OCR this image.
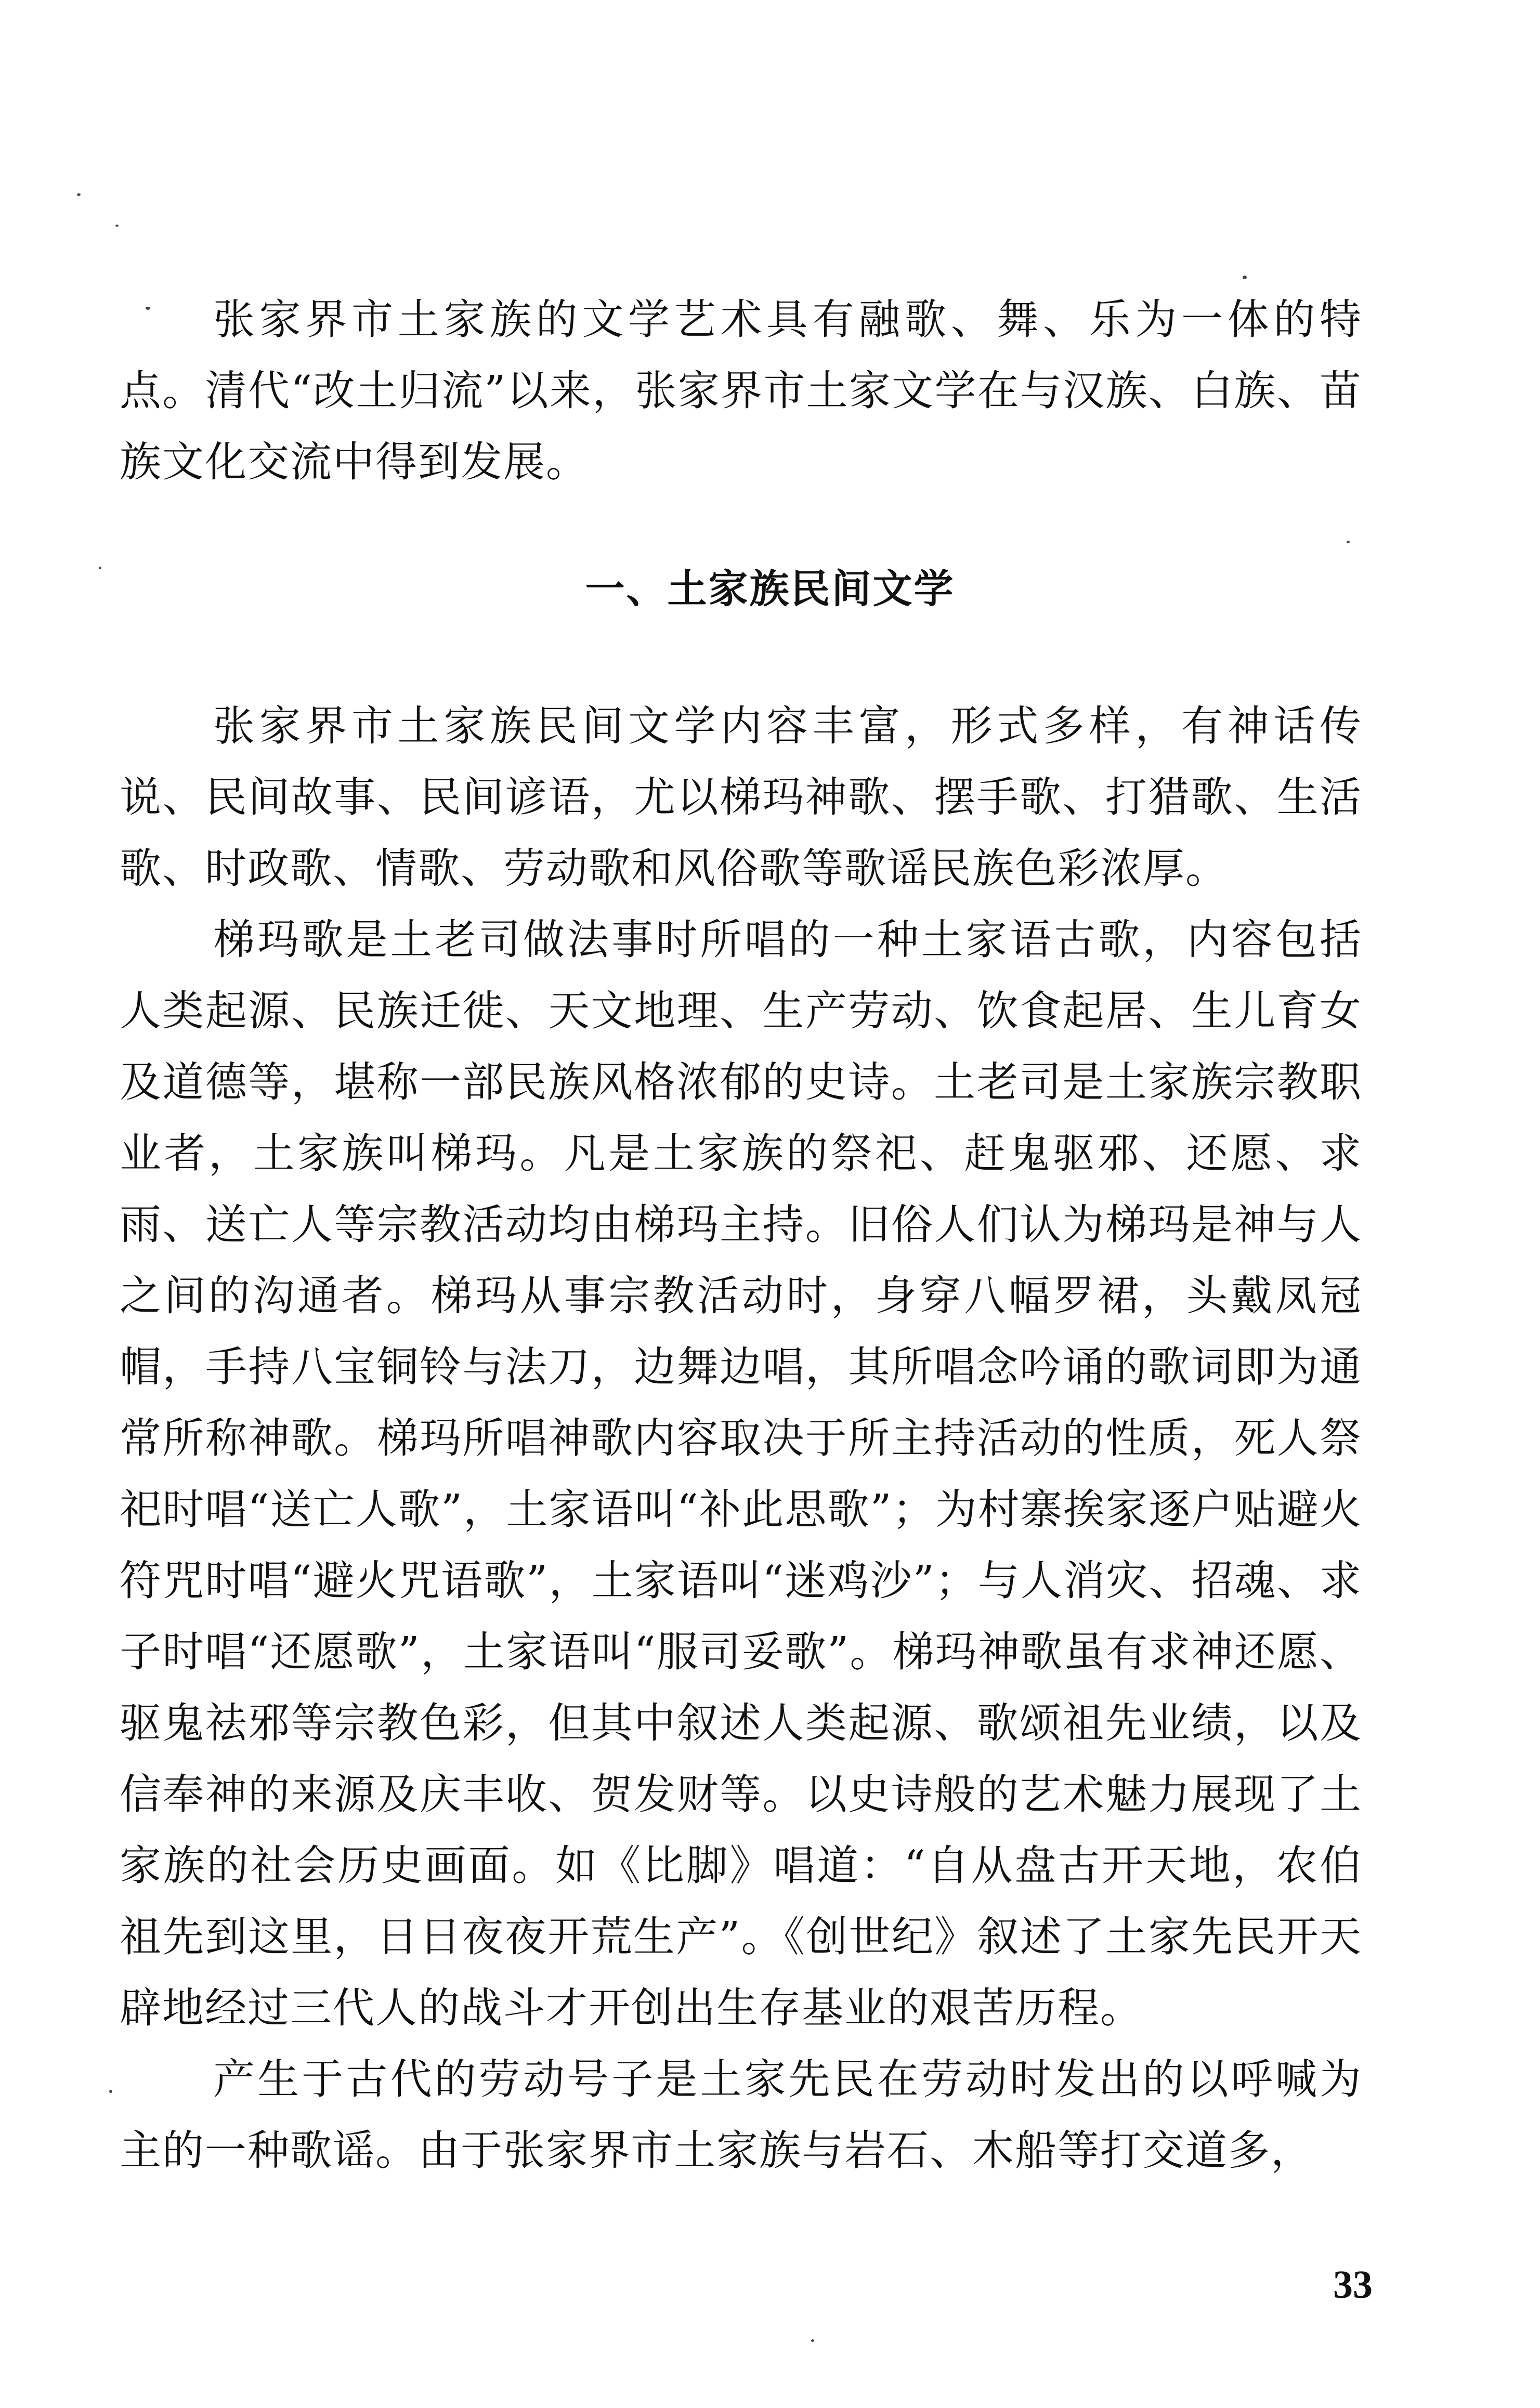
张家界市土家族的文学艺术具有融歌、舞、乐为一体的特点。清代“改土归流”以来，张家界市土家文学在与汉族、白族、苗族文化交流中得到发展。

一、土家族民间文学

张家界市土家族民间文学内容丰富，形式多样，有神话传说、民间故事、民间谚语，尤以梯玛神歌、摆手歌、打猎歌、生活歌、时政歌、情歌、劳动歌和风俗歌等歌谣民族色彩浓厚。

梯玛歌是土老司做法事时所唱的一种土家语古歌，内容包括人类起源、民族迁徙、天文地理、生产劳动、饮食起居、生儿育女及道德等，堪称一部民族风格浓郁的史诗。土老司是土家族宗教职业者，土家族叫梯玛。凡是土家族的祭祀、赶鬼驱邪、还愿、求雨、送亡人等宗教活动均由梯玛主持。旧俗人们认为梯玛是神与人之间的沟通者。梯玛从事宗教活动时，身穿八幅罗裙，头戴凤冠帽，手持八宝铜铃与法刀，边舞边唱，其所唱念吟诵的歌词即为通常所称神歌。梯玛所唱神歌内容取决于所主持活动的性质，死人祭祀时唱“送亡人歌”，土家语叫“补此思歌”；为村寨挨家逐户贴避火符咒时唱“避火咒语歌”，土家语叫“迷鸡沙”；与人消灾、招魂、求子时唱“还愿歌”，土家语叫“服司妥歌”。梯玛神歌虽有求神还愿、驱鬼祛邪等宗教色彩，但其中叙述人类起源、歌颂祖先业绩，以及信奉神的来源及庆丰收、贺发财等。以史诗般的艺术魅力展现了土家族的社会历史画面。如《比脚》唱道：“自从盘古开天地，农伯祖先到这里，日日夜夜开荒生产”。《创世纪》叙述了土家先民开天辟地经过三代人的战斗才开创出生存基业的艰苦历程。

产生于古代的劳动号子是土家先民在劳动时发出的以呼喊为主的一种歌谣。由于张家界市土家族与岩石、木船等打交道多，

33
